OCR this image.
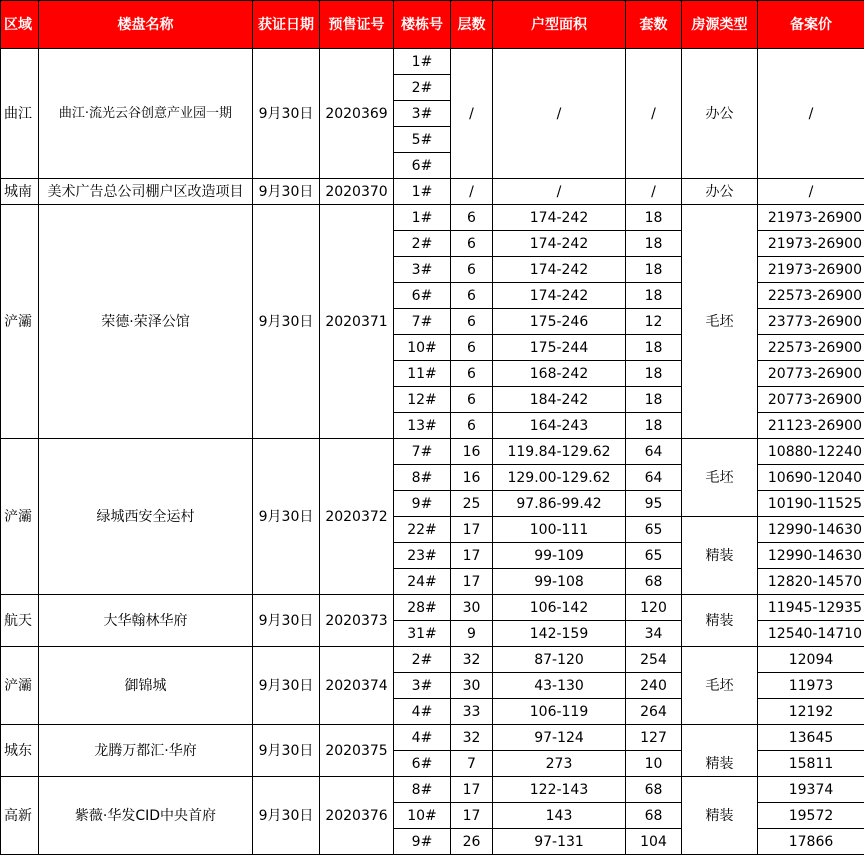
区域	楼盘名称	获证日期	预售证号	楼栋号	层数	户型面积	套数	房源类型	备案价
曲江	曲江·流光云谷创意产业园一期	9月30日	2020369	1#	/	/	/	办公	/
				2#					
				3#					
				5#					
				6#					
城南	美术广告总公司棚户区改造项目	9月30日	2020370	1#	/	/	/	办公	/
浐灞	荣德·荣泽公馆	9月30日	2020371	1#	6	174-242	18	毛坯	21973-26900
				2#	6	174-242	18		21973-26900
				3#	6	174-242	18		21973-26900
				6#	6	174-242	18		22573-26900
				7#	6	175-246	12		23773-26900
				10#	6	175-244	18		22573-26900
				11#	6	168-242	18		20773-26900
				12#	6	184-242	18		20773-26900
				13#	6	164-243	18		21123-26900
浐灞	绿城西安全运村	9月30日	2020372	7#	16	119.84-129.62	64	毛坯	10880-12240
				8#	16	129.00-129.62	64		10690-12040
				9#	25	97.86-99.42	95		10190-11525
				22#	17	100-111	65	精装	12990-14630
				23#	17	99-109	65		12990-14630
				24#	17	99-108	68		12820-14570
航天	大华翰林华府	9月30日	2020373	28#	30	106-142	120	精装	11945-12935
				31#	9	142-159	34		12540-14710
浐灞	御锦城	9月30日	2020374	2#	32	87-120	254	毛坯	12094
				3#	30	43-130	240		11973
				4#	33	106-119	264		12192
城东	龙腾万都汇·华府	9月30日	2020375	4#	32	97-124	127	精装	13645
				6#	7	273	10		15811
高新	紫薇·华发CID中央首府	9月30日	2020376	8#	17	122-143	68	精装	19374
				10#	17	143	68		19572
				9#	26	97-131	104		17866
